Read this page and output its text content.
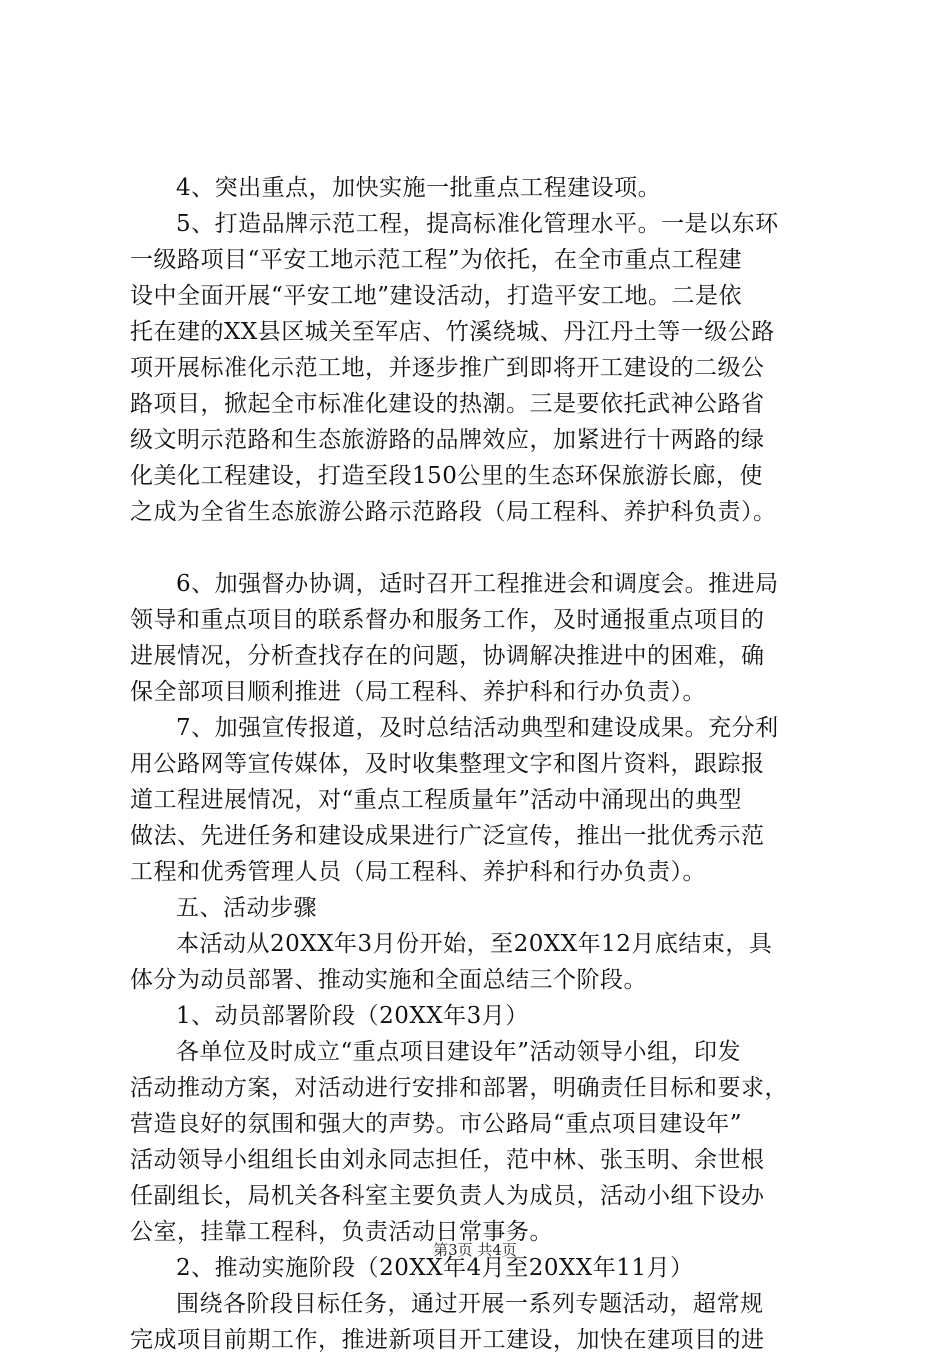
4、突出重点，加快实施一批重点工程建设项。
5、打造品牌示范工程，提高标准化管理水平。一是以东环
一级路项目“平安工地示范工程”为依托，在全市重点工程建
设中全面开展“平安工地”建设活动，打造平安工地。二是依
托在建的XX县区城关至军店、竹溪绕城、丹江丹土等一级公路
项开展标准化示范工地，并逐步推广到即将开工建设的二级公
路项目，掀起全市标准化建设的热潮。三是要依托武神公路省
级文明示范路和生态旅游路的品牌效应，加紧进行十两路的绿
化美化工程建设，打造至段150公里的生态环保旅游长廊，使
之成为全省生态旅游公路示范路段（局工程科、养护科负责）。
6、加强督办协调，适时召开工程推进会和调度会。推进局
领导和重点项目的联系督办和服务工作，及时通报重点项目的
进展情况，分析查找存在的问题，协调解决推进中的困难，确
保全部项目顺利推进（局工程科、养护科和行办负责）。
7、加强宣传报道，及时总结活动典型和建设成果。充分利
用公路网等宣传媒体，及时收集整理文字和图片资料，跟踪报
道工程进展情况，对“重点工程质量年”活动中涌现出的典型
做法、先进任务和建设成果进行广泛宣传，推出一批优秀示范
工程和优秀管理人员（局工程科、养护科和行办负责）。
五、活动步骤
本活动从20XX年3月份开始，至20XX年12月底结束，具
体分为动员部署、推动实施和全面总结三个阶段。
1、动员部署阶段（20XX年3月）
各单位及时成立“重点项目建设年”活动领导小组，印发
活动推动方案，对活动进行安排和部署，明确责任目标和要求，
营造良好的氛围和强大的声势。市公路局“重点项目建设年”
活动领导小组组长由刘永同志担任，范中林、张玉明、余世根
任副组长，局机关各科室主要负责人为成员，活动小组下设办
公室，挂靠工程科，负责活动日常事务。
2、推动实施阶段（20XX年4月至20XX年11月）
围绕各阶段目标任务，通过开展一系列专题活动，超常规
完成项目前期工作，推进新项目开工建设，加快在建项目的进
第3页 共4页
